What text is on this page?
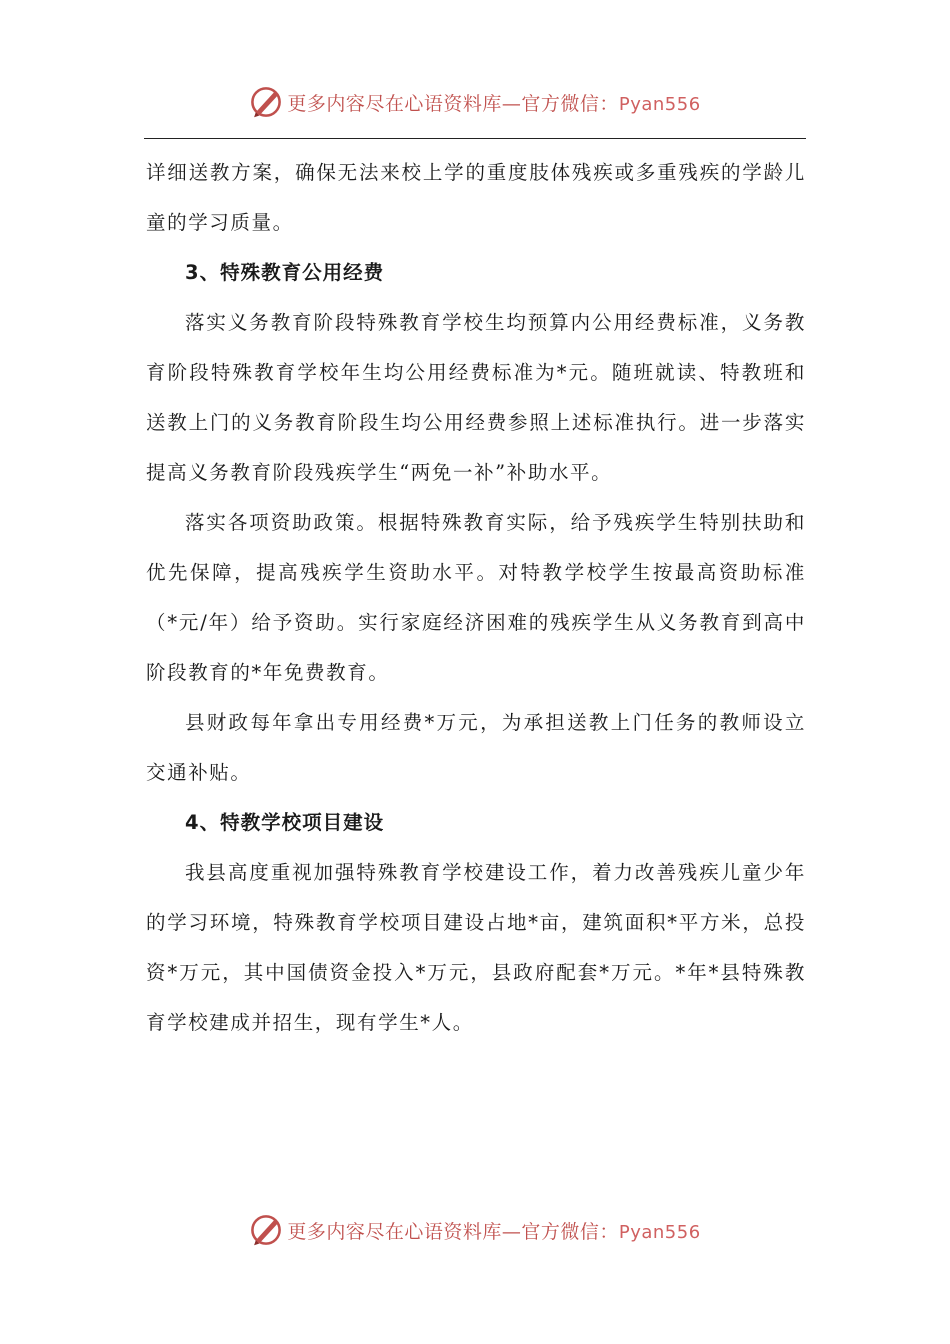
更多内容尽在心语资料库—官方微信：Pyan556

详细送教方案，确保无法来校上学的重度肢体残疾或多重残疾的学龄儿童的学习质量。

3、特殊教育公用经费

落实义务教育阶段特殊教育学校生均预算内公用经费标准，义务教育阶段特殊教育学校年生均公用经费标准为*元。随班就读、特教班和送教上门的义务教育阶段生均公用经费参照上述标准执行。进一步落实提高义务教育阶段残疾学生“两免一补”补助水平。

落实各项资助政策。根据特殊教育实际，给予残疾学生特别扶助和优先保障，提高残疾学生资助水平。对特教学校学生按最高资助标准（*元/年）给予资助。实行家庭经济困难的残疾学生从义务教育到高中阶段教育的*年免费教育。

县财政每年拿出专用经费*万元，为承担送教上门任务的教师设立交通补贴。

4、特教学校项目建设

我县高度重视加强特殊教育学校建设工作，着力改善残疾儿童少年的学习环境，特殊教育学校项目建设占地*亩，建筑面积*平方米，总投资*万元，其中国债资金投入*万元，县政府配套*万元。*年*县特殊教育学校建成并招生，现有学生*人。

更多内容尽在心语资料库—官方微信：Pyan556
